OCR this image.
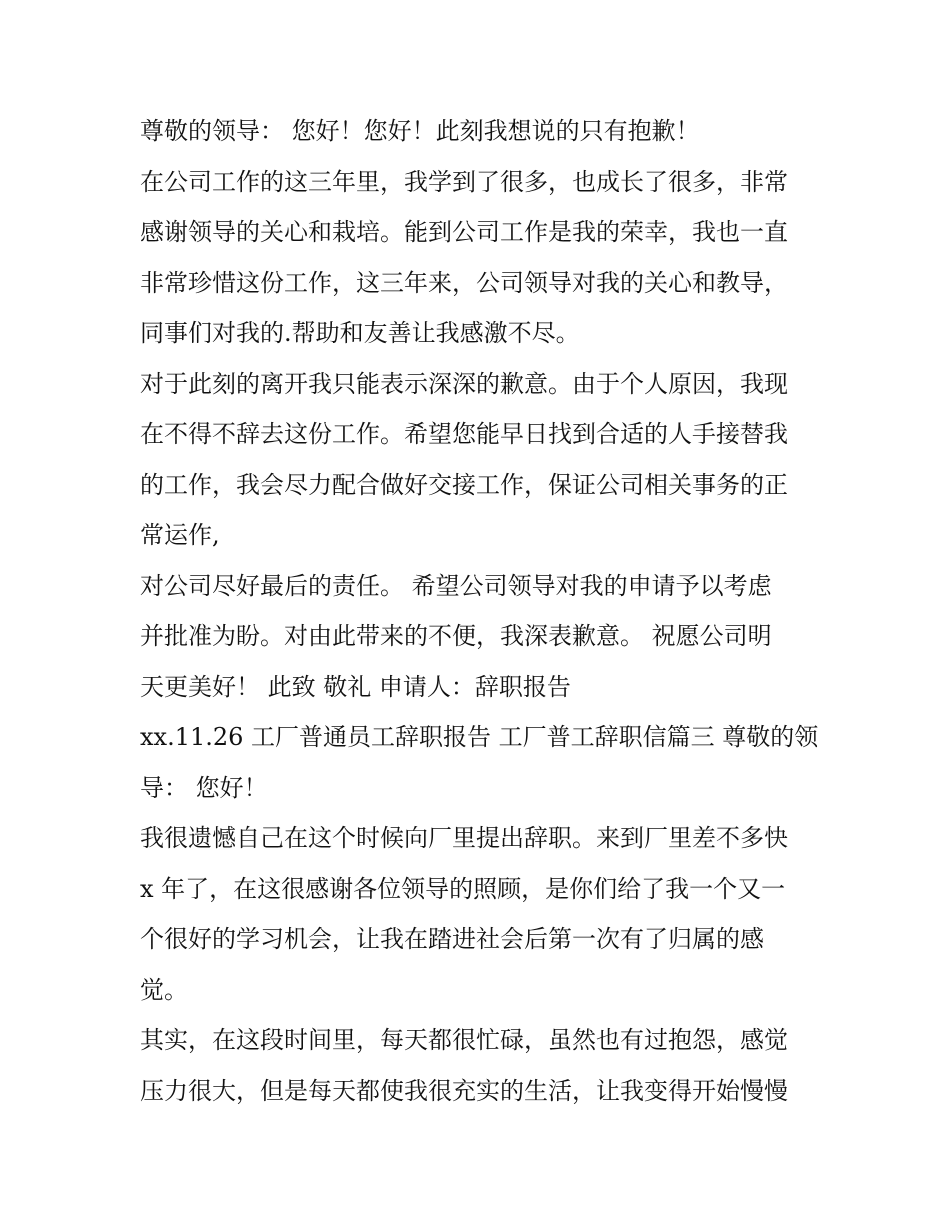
尊敬的领导： 您好！您好！此刻我想说的只有抱歉！
在公司工作的这三年里，我学到了很多，也成长了很多，非常
感谢领导的关心和栽培。能到公司工作是我的荣幸，我也一直
非常珍惜这份工作，这三年来，公司领导对我的关心和教导，
同事们对我的.帮助和友善让我感激不尽。
对于此刻的离开我只能表示深深的歉意。由于个人原因，我现
在不得不辞去这份工作。希望您能早日找到合适的人手接替我
的工作，我会尽力配合做好交接工作，保证公司相关事务的正
常运作,
对公司尽好最后的责任。 希望公司领导对我的申请予以考虑
并批准为盼。对由此带来的不便，我深表歉意。 祝愿公司明
天更美好！ 此致 敬礼 申请人：辞职报告
xx.11.26 工厂普通员工辞职报告 工厂普工辞职信篇三 尊敬的领
导： 您好！
我很遗憾自己在这个时候向厂里提出辞职。来到厂里差不多快
x 年了，在这很感谢各位领导的照顾，是你们给了我一个又一
个很好的学习机会，让我在踏进社会后第一次有了归属的感
觉。
其实，在这段时间里，每天都很忙碌，虽然也有过抱怨，感觉
压力很大，但是每天都使我很充实的生活，让我变得开始慢慢
